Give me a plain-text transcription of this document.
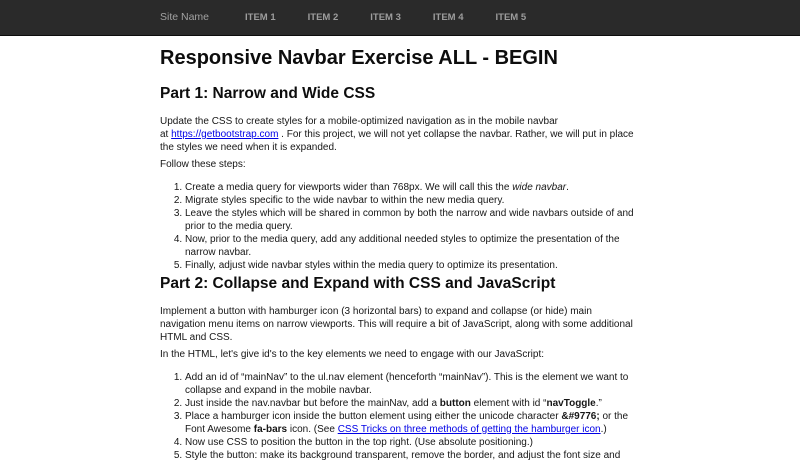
Site Name	ITEM 1	ITEM 2	ITEM 3	ITEM 4	ITEM 5
Responsive Navbar Exercise ALL - BEGIN
Part 1: Narrow and Wide CSS

Update the CSS to create styles for a mobile-optimized navigation as in the mobile navbar
at https://getbootstrap.com . For this project, we will not yet collapse the navbar. Rather, we will put in place the styles we need when it is expanded.

Follow these steps:

1. Create a media query for viewports wider than 768px. We will call this the wide navbar.
2. Migrate styles specific to the wide navbar to within the new media query.
3. Leave the styles which will be shared in common by both the narrow and wide navbars outside of and prior to the media query.
4. Now, prior to the media query, add any additional needed styles to optimize the presentation of the narrow navbar.
5. Finally, adjust wide navbar styles within the media query to optimize its presentation.
Part 2: Collapse and Expand with CSS and JavaScript

Implement a button with hamburger icon (3 horizontal bars) to expand and collapse (or hide) main navigation menu items on narrow viewports. This will require a bit of JavaScript, along with some additional HTML and CSS.

In the HTML, let's give id's to the key elements we need to engage with our JavaScript:

1. Add an id of “mainNav” to the ul.nav element (henceforth “mainNav”). This is the element we want to collapse and expand in the mobile navbar.
2. Just inside the nav.navbar but before the mainNav, add a button element with id “navToggle.”
3. Place a hamburger icon inside the button element using either the unicode character &#9776; or the Font Awesome fa-bars icon. (See CSS Tricks on three methods of getting the hamburger icon.)
4. Now use CSS to position the button in the top right. (Use absolute positioning.)
5. Style the button: make its background transparent, remove the border, and adjust the font size and
